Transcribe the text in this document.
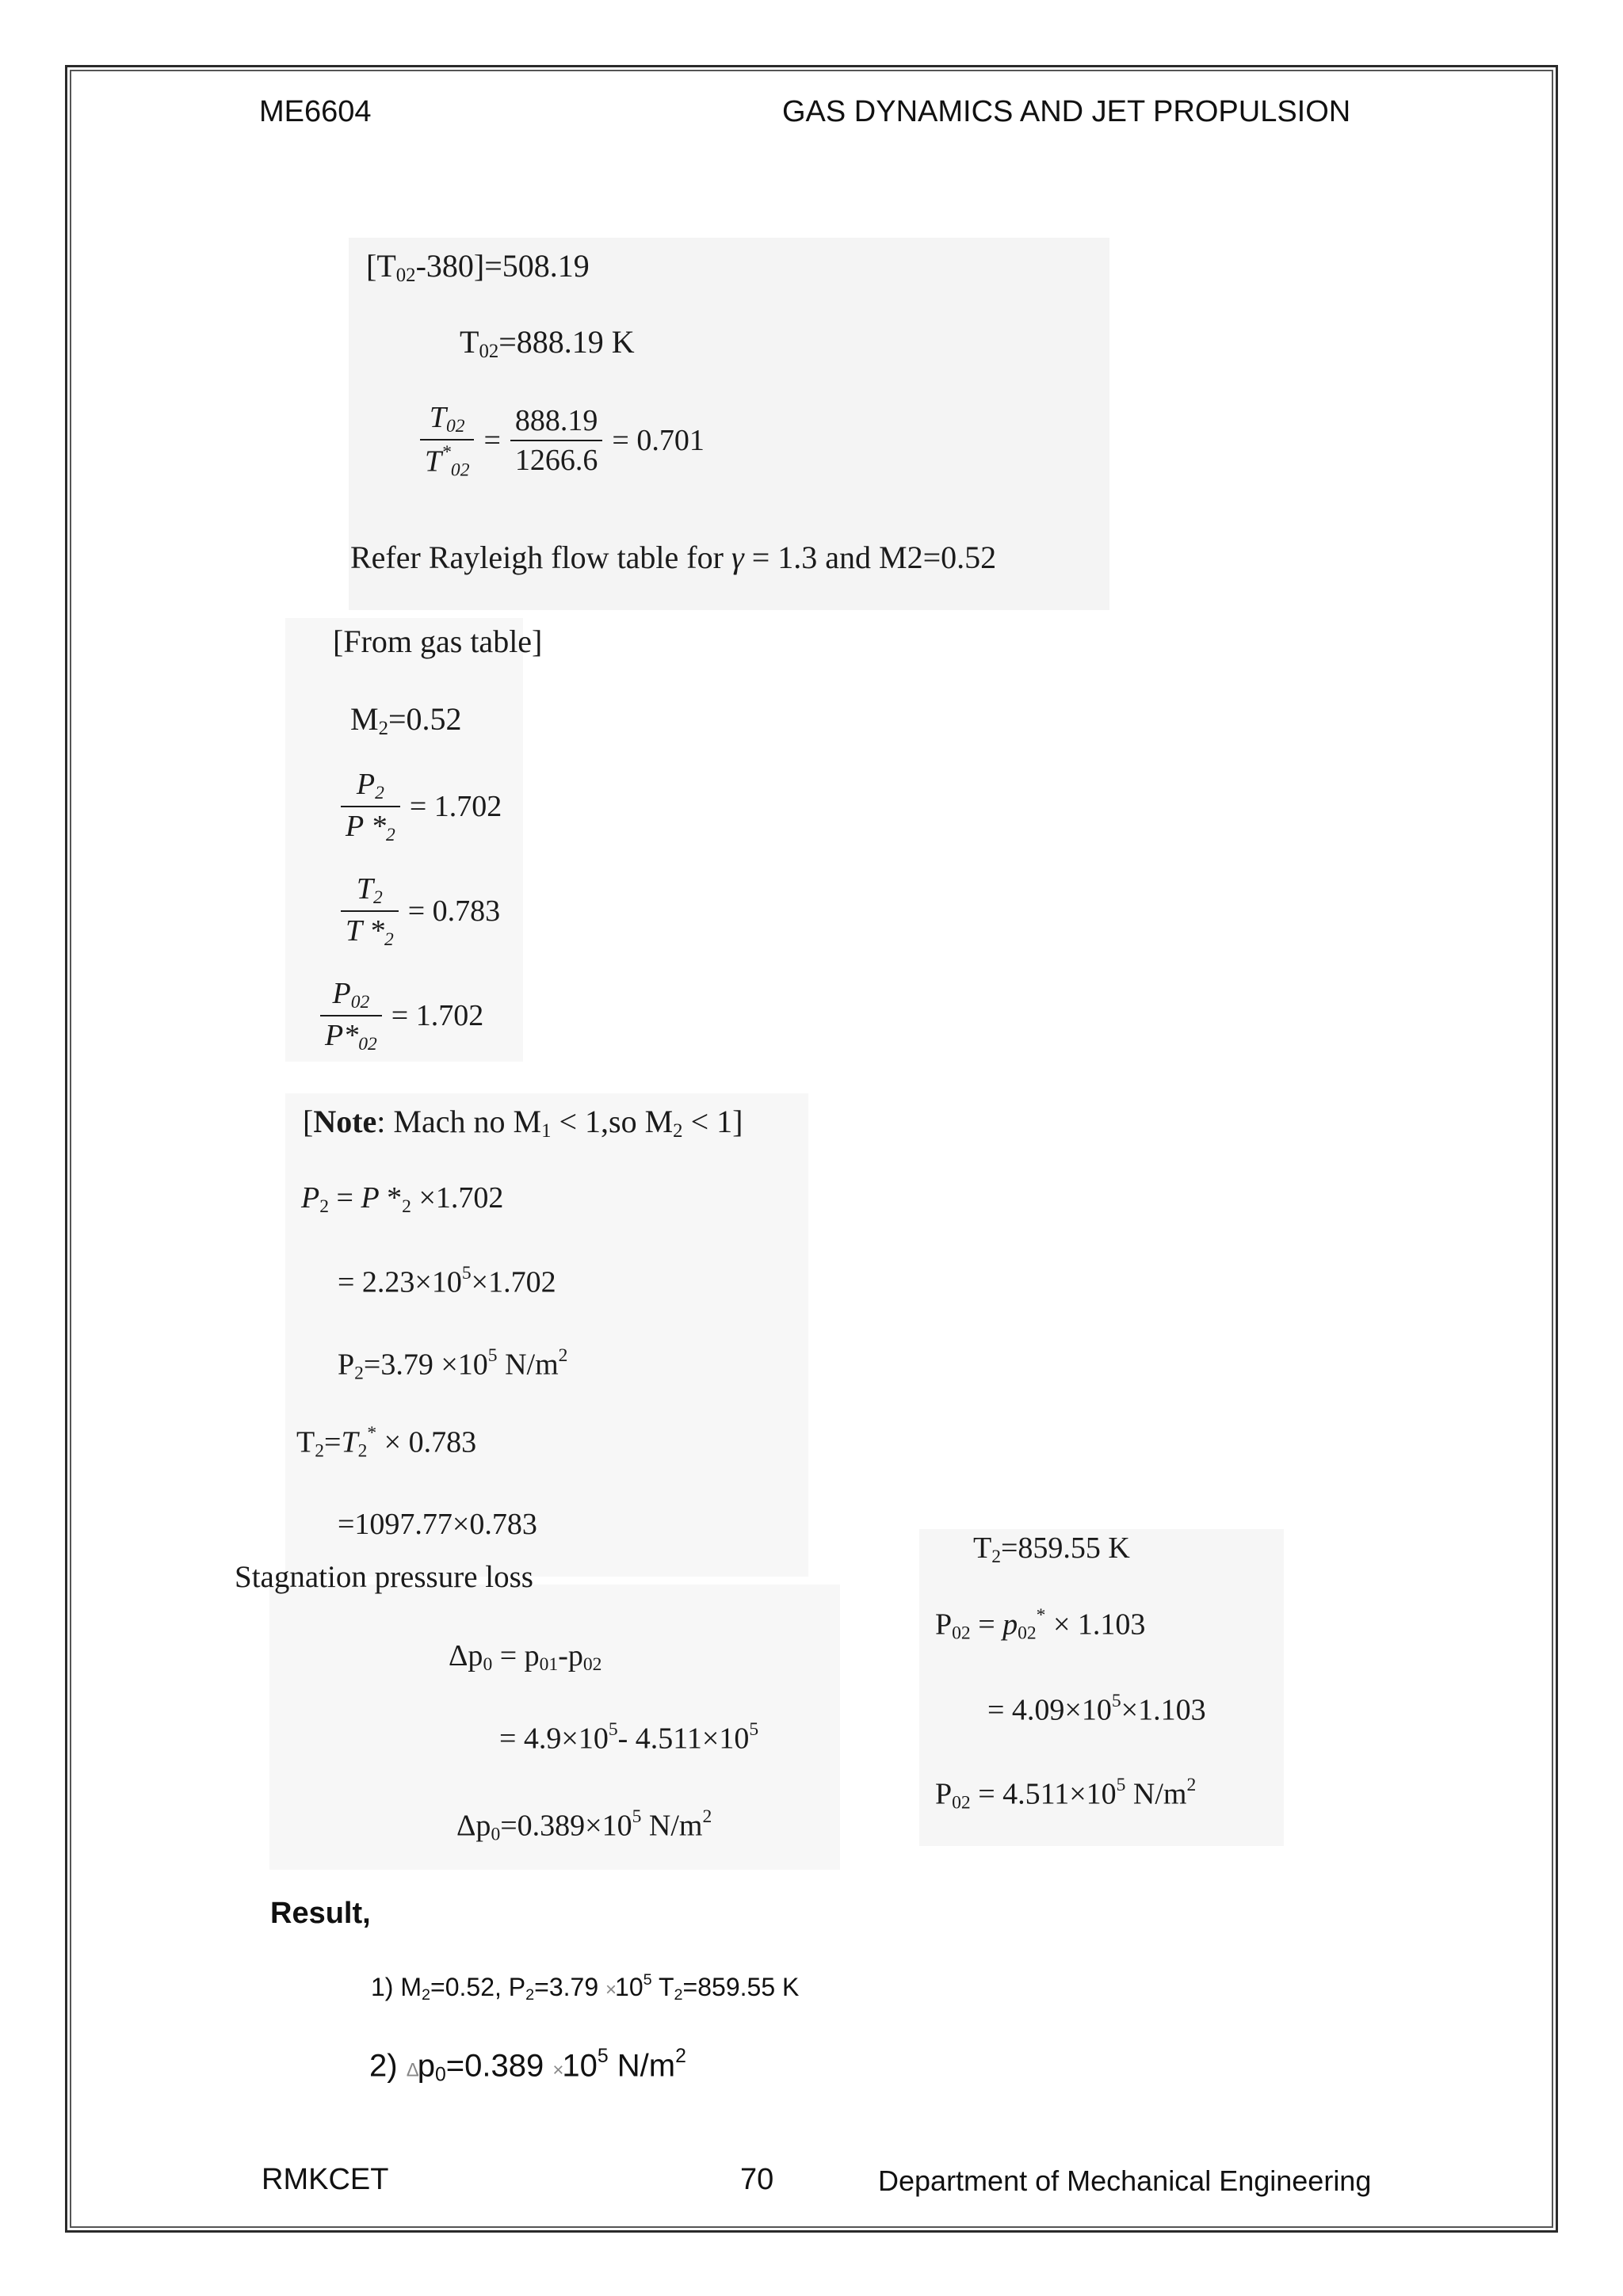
ME6604	GAS DYNAMICS AND JET PROPULSION
$[T_{02}-380]=508.19$
$T_{02}=888.19$ K
$\frac{T_{02}}{T^*_{02}} = \frac{888.19}{1266.6} = 0.701$
Refer Rayleigh flow table for γ = 1.3 and M2=0.52
[From gas table]
$M_2=0.52$
$\frac{P_2}{P *_2} = 1.702$
$\frac{T_2}{T *_2} = 0.783$
$\frac{P_{02}}{P*_{02}} = 1.702$
[Note: Mach no $M_1 < 1,so$ $M_2 < 1$]
$P_2 = P$ $*_2 \times 1.702$
= $2.23\times 10^5\times 1.702$
$P_2=3.79 \times 10^5$ $N/m^2$
$T_2=T_2^* \times 0.783$
=1097.77×0.783
Stagnation pressure loss
$T_2=859.55$ K
$P_{02} = p_{02}^* \times 1.103$
= $4.09\times 10^5\times 1.103$
$P_{02} = 4.511\times 10^5$ $N/m^2$
$\Delta p_0 = p_{01}-p_{02}$
= $4.9\times 10^5-$ $4.511\times 10^5$
$\Delta p_0=0.389\times 10^5$ $N/m^2$
Result,
1) $M_2=0.52$, $P_2=3.79 \times 10^5$ $T_2=859.55$ K
2) $\Delta p_0=0.389 \times 10^5$ $N/m^2$
RMKCET	70	Department of Mechanical Engineering
